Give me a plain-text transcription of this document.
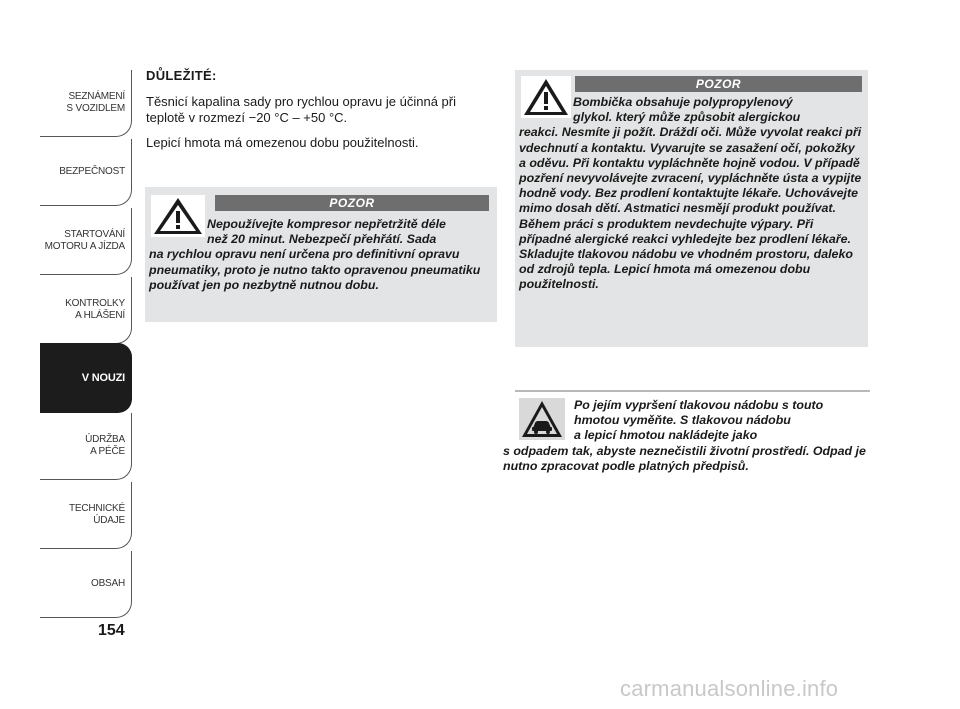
SEZNÁMENÍ
S VOZIDLEM
BEZPEČNOST
STARTOVÁNÍ
MOTORU A JÍZDA
KONTROLKY
A HLÁŠENÍ
V NOUZI
ÚDRŽBA
A PÉČE
TECHNICKÉ
ÚDAJE
OBSAH
154
DŮLEŽITÉ:

Těsnicí kapalina sady pro rychlou opravu je účinná při teplotě v rozmezí −20 °C – +50 °C.

Lepicí hmota má omezenou dobu použitelnosti.

POZOR
Nepoužívejte kompresor nepřetržitě déle
než 20 minut. Nebezpečí přehřátí. Sada
na rychlou opravu není určena pro definitivní opravu pneumatiky, proto je nutno takto opravenou pneumatiku používat jen po nezbytně nutnou dobu.
POZOR
Bombička obsahuje polypropylenový
glykol. který může způsobit alergickou
reakci. Nesmíte ji požít. Dráždí oči. Může vyvolat reakci při vdechnutí a kontaktu. Vyvarujte se zasažení očí, pokožky a oděvu. Při kontaktu vypláchněte hojně vodou. V případě pozření nevyvolávejte zvracení, vypláchněte ústa a vypijte hodně vody. Bez prodlení kontaktujte lékaře. Uchovávejte mimo dosah dětí. Astmatici nesmějí produkt používat. Během práci s produktem nevdechujte výpary. Při případné alergické reakci vyhledejte bez prodlení lékaře. Skladujte tlakovou nádobu ve vhodném prostoru, daleko od zdrojů tepla. Lepicí hmota má omezenou dobu použitelnosti.
Po jejím vypršení tlakovou nádobu s touto
hmotou vyměňte. S tlakovou nádobu
a lepicí hmotou nakládejte jako
s odpadem tak, abyste neznečistili životní prostředí. Odpad je nutno zpracovat podle platných předpisů.
carmanualsonline.info
